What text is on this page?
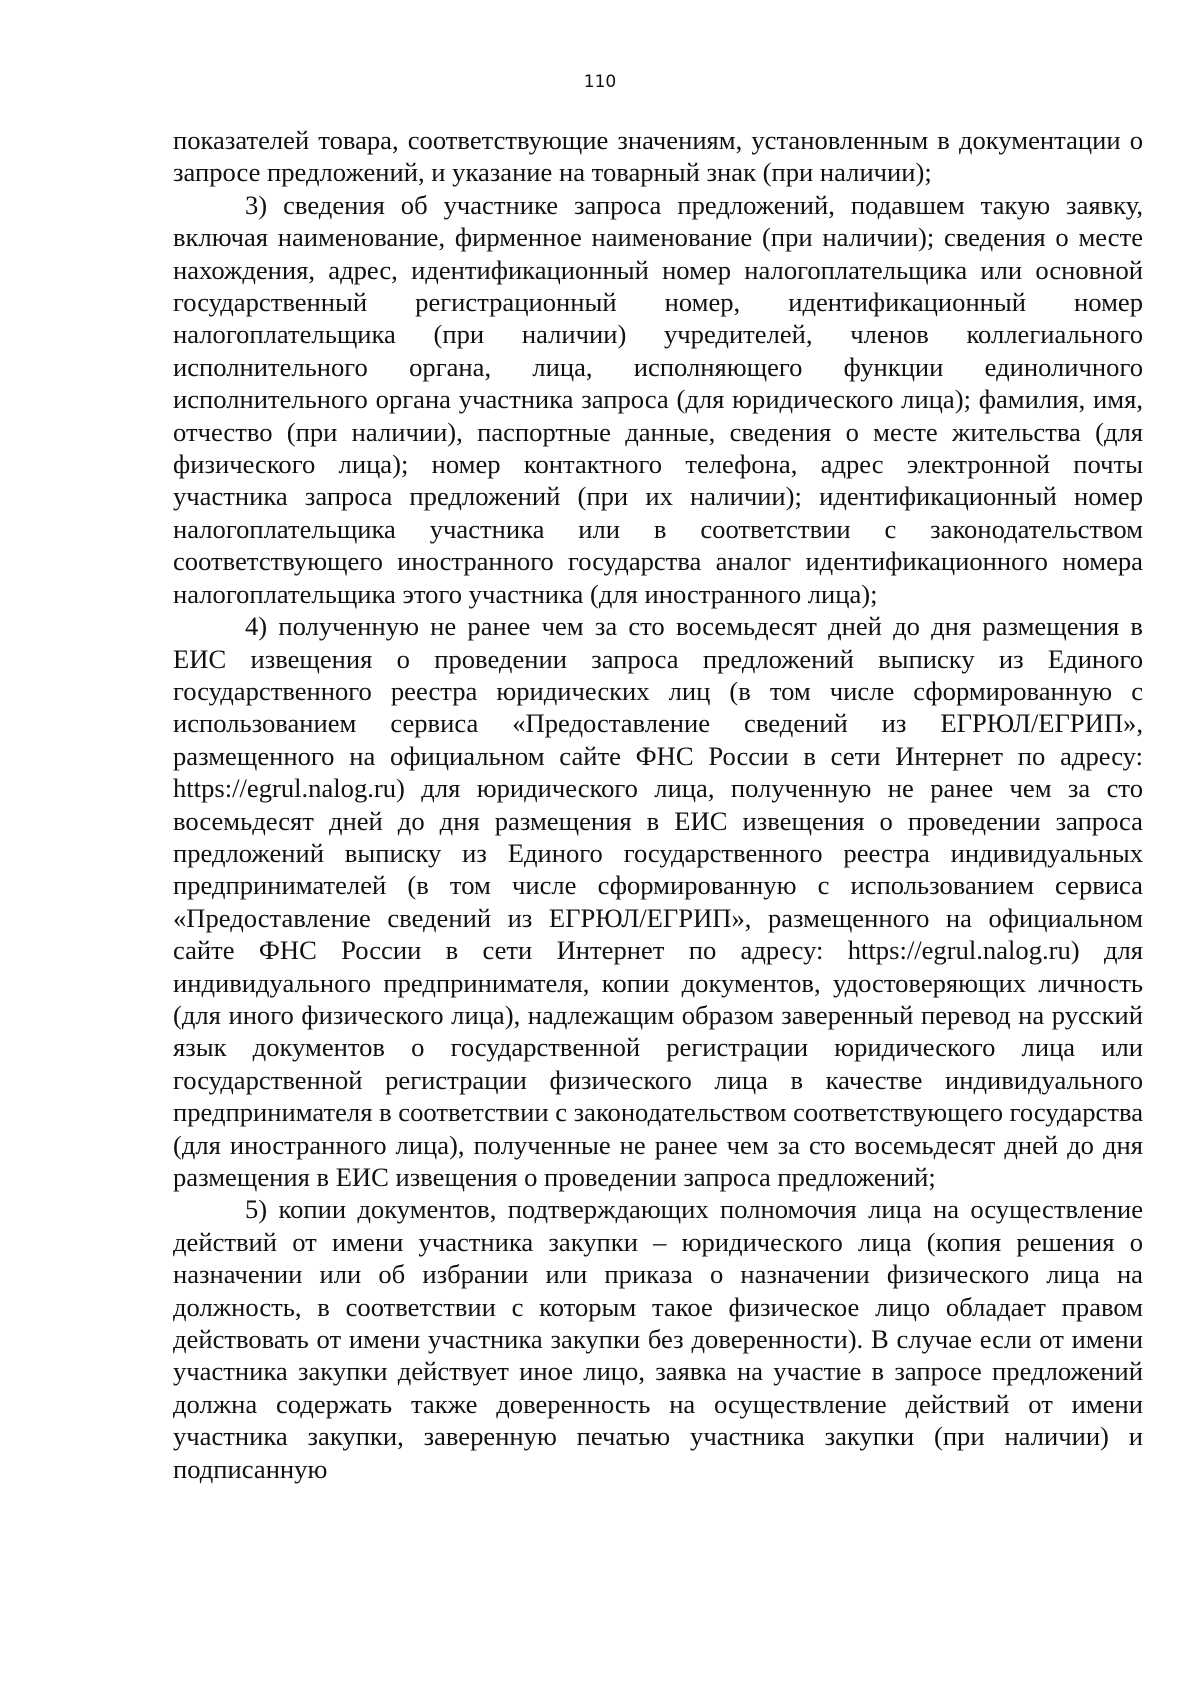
110

показателей товара, соответствующие значениям, установленным в документации о запросе предложений, и указание на товарный знак (при наличии);

3) сведения об участнике запроса предложений, подавшем такую заявку, включая наименование, фирменное наименование (при наличии); сведения о месте нахождения, адрес, идентификационный номер налогоплательщика или основной государственный регистрационный номер, идентификационный номер налогоплательщика (при наличии) учредителей, членов коллегиального исполнительного органа, лица, исполняющего функции единоличного исполнительного органа участника запроса (для юридического лица); фамилия, имя, отчество (при наличии), паспортные данные, сведения о месте жительства (для физического лица); номер контактного телефона, адрес электронной почты участника запроса предложений (при их наличии); идентификационный номер налогоплательщика участника или в соответствии с законодательством соответствующего иностранного государства аналог идентификационного номера налогоплательщика этого участника (для иностранного лица);

4) полученную не ранее чем за сто восемьдесят дней до дня размещения в ЕИС извещения о проведении запроса предложений выписку из Единого государственного реестра юридических лиц (в том числе сформированную с использованием сервиса «Предоставление сведений из ЕГРЮЛ/ЕГРИП», размещенного на официальном сайте ФНС России в сети Интернет по адресу: https://egrul.nalog.ru) для юридического лица, полученную не ранее чем за сто восемьдесят дней до дня размещения в ЕИС извещения о проведении запроса предложений выписку из Единого государственного реестра индивидуальных предпринимателей (в том числе сформированную с использованием сервиса «Предоставление сведений из ЕГРЮЛ/ЕГРИП», размещенного на официальном сайте ФНС России в сети Интернет по адресу: https://egrul.nalog.ru) для индивидуального предпринимателя, копии документов, удостоверяющих личность (для иного физического лица), надлежащим образом заверенный перевод на русский язык документов о государственной регистрации юридического лица или государственной регистрации физического лица в качестве индивидуального предпринимателя в соответствии с законодательством соответствующего государства (для иностранного лица), полученные не ранее чем за сто восемьдесят дней до дня размещения в ЕИС извещения о проведении запроса предложений;

5) копии документов, подтверждающих полномочия лица на осуществление действий от имени участника закупки – юридического лица (копия решения о назначении или об избрании или приказа о назначении физического лица на должность, в соответствии с которым такое физическое лицо обладает правом действовать от имени участника закупки без доверенности). В случае если от имени участника закупки действует иное лицо, заявка на участие в запросе предложений должна содержать также доверенность на осуществление действий от имени участника закупки, заверенную печатью участника закупки (при наличии) и подписанную
